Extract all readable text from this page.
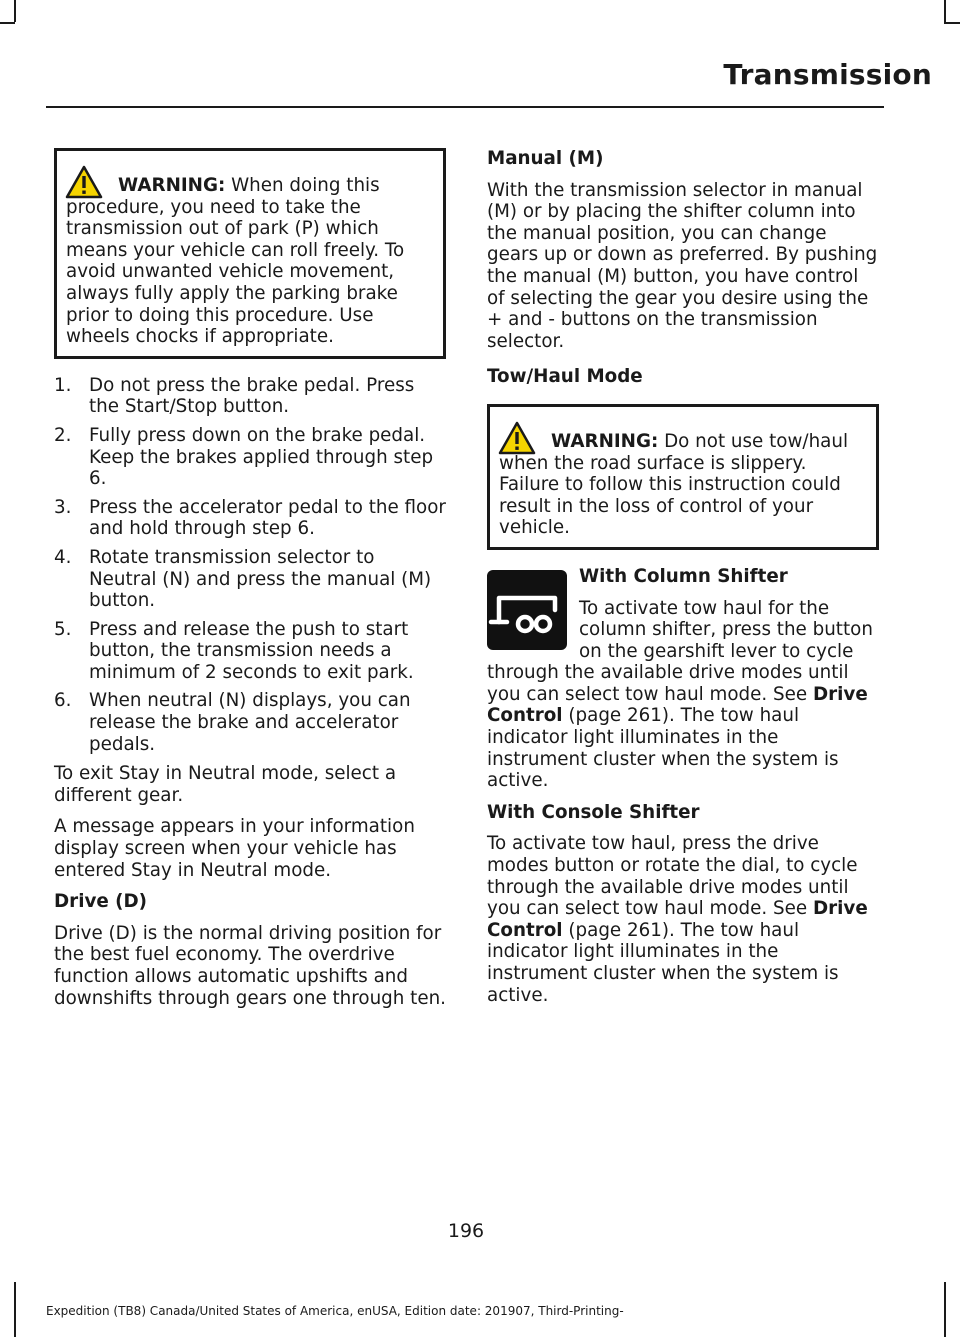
Transmission

WARNING: When doing this procedure, you need to take the transmission out of park (P) which means your vehicle can roll freely. To avoid unwanted vehicle movement, always fully apply the parking brake prior to doing this procedure. Use wheels chocks if appropriate.

1. Do not press the brake pedal. Press the Start/Stop button.
2. Fully press down on the brake pedal. Keep the brakes applied through step 6.
3. Press the accelerator pedal to the floor and hold through step 6.
4. Rotate transmission selector to Neutral (N) and press the manual (M) button.
5. Press and release the push to start button, the transmission needs a minimum of 2 seconds to exit park.
6. When neutral (N) displays, you can release the brake and accelerator pedals.

To exit Stay in Neutral mode, select a different gear.

A message appears in your information display screen when your vehicle has entered Stay in Neutral mode.

Drive (D)

Drive (D) is the normal driving position for the best fuel economy. The overdrive function allows automatic upshifts and downshifts through gears one through ten.

Manual (M)

With the transmission selector in manual (M) or by placing the shifter column into the manual position, you can change gears up or down as preferred. By pushing the manual (M) button, you have control of selecting the gear you desire using the + and - buttons on the transmission selector.

Tow/Haul Mode

WARNING: Do not use tow/haul when the road surface is slippery. Failure to follow this instruction could result in the loss of control of your vehicle.

With Column Shifter

To activate tow haul for the column shifter, press the button on the gearshift lever to cycle through the available drive modes until you can select tow haul mode. See Drive Control (page 261). The tow haul indicator light illuminates in the instrument cluster when the system is active.

With Console Shifter

To activate tow haul, press the drive modes button or rotate the dial, to cycle through the available drive modes until you can select tow haul mode. See Drive Control (page 261). The tow haul indicator light illuminates in the instrument cluster when the system is active.

196
Expedition (TB8) Canada/United States of America, enUSA, Edition date: 201907, Third-Printing-
